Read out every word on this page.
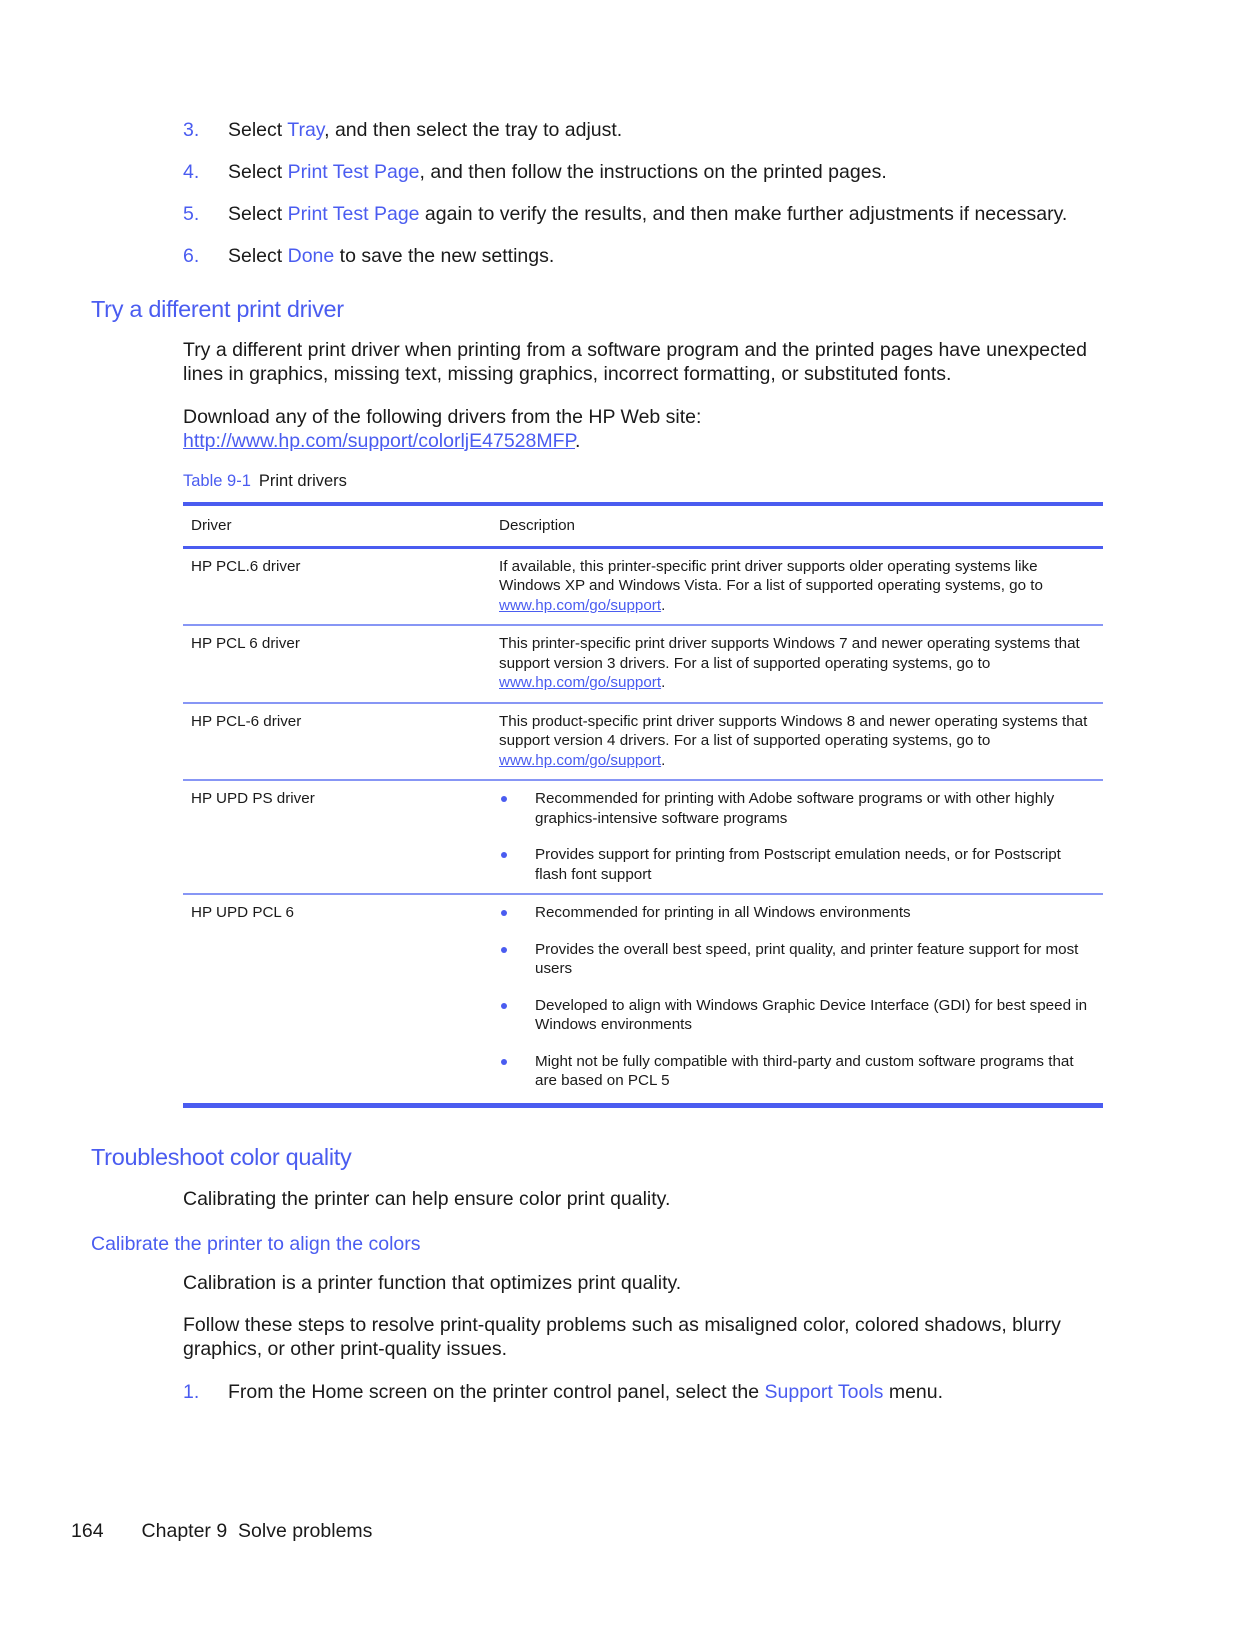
3.	Select Tray, and then select the tray to adjust.
4.	Select Print Test Page, and then follow the instructions on the printed pages.
5.	Select Print Test Page again to verify the results, and then make further adjustments if necessary.
6.	Select Done to save the new settings.
Try a different print driver
Try a different print driver when printing from a software program and the printed pages have unexpected lines in graphics, missing text, missing graphics, incorrect formatting, or substituted fonts.
Download any of the following drivers from the HP Web site:
http://www.hp.com/support/colorljE47528MFP.
Table 9-1 Print drivers
Driver	Description
HP PCL.6 driver	If available, this printer-specific print driver supports older operating systems like Windows XP and Windows Vista. For a list of supported operating systems, go to www.hp.com/go/support.
HP PCL 6 driver	This printer-specific print driver supports Windows 7 and newer operating systems that support version 3 drivers. For a list of supported operating systems, go to www.hp.com/go/support.
HP PCL-6 driver	This product-specific print driver supports Windows 8 and newer operating systems that support version 4 drivers. For a list of supported operating systems, go to www.hp.com/go/support.
HP UPD PS driver	Recommended for printing with Adobe software programs or with other highly graphics-intensive software programs
Provides support for printing from Postscript emulation needs, or for Postscript flash font support

HP UPD PCL 6	Recommended for printing in all Windows environments
Provides the overall best speed, print quality, and printer feature support for most users
Developed to align with Windows Graphic Device Interface (GDI) for best speed in Windows environments
Might not be fully compatible with third-party and custom software programs that are based on PCL 5
Troubleshoot color quality
Calibrating the printer can help ensure color print quality.
Calibrate the printer to align the colors
Calibration is a printer function that optimizes print quality.
Follow these steps to resolve print-quality problems such as misaligned color, colored shadows, blurry graphics, or other print-quality issues.
1.	From the Home screen on the printer control panel, select the Support Tools menu.
164 Chapter 9  Solve problems
